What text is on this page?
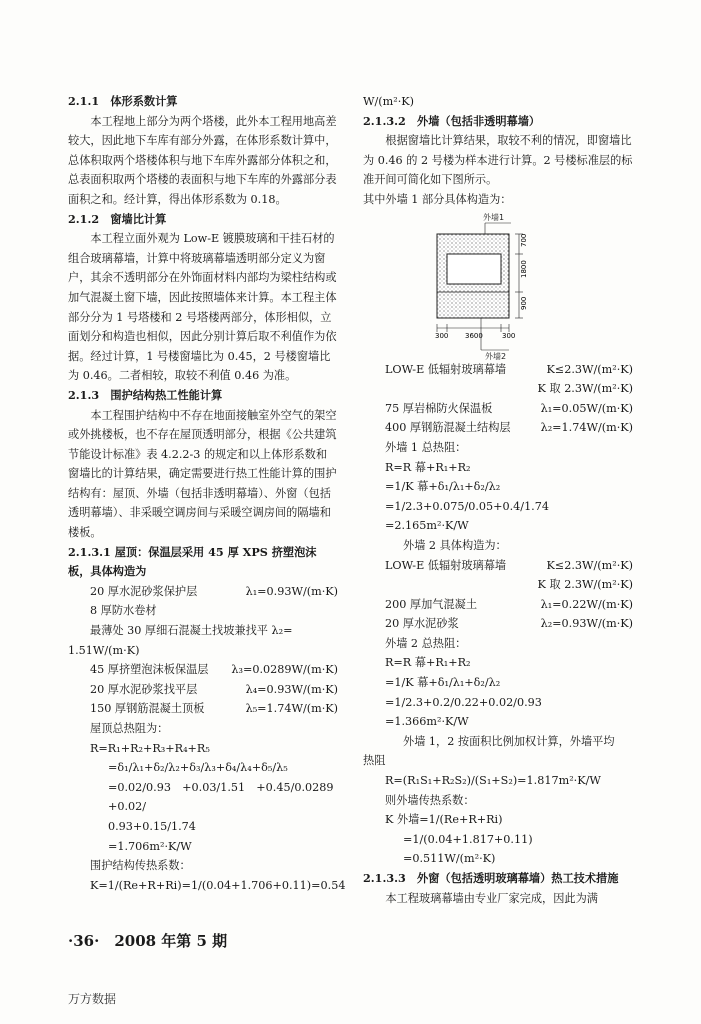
2.1.1　体形系数计算

本工程地上部分为两个塔楼，此外本工程用地高差较大，因此地下车库有部分外露，在体形系数计算中，总体积取两个塔楼体积与地下车库外露部分体积之和，总表面积取两个塔楼的表面积与地下车库的外露部分表面积之和。经计算，得出体形系数为 0.18。

2.1.2　窗墙比计算

本工程立面外观为 Low-E 镀膜玻璃和干挂石材的组合玻璃幕墙，计算中将玻璃幕墙透明部分定义为窗户，其余不透明部分在外饰面材料内部均为梁柱结构或加气混凝土窗下墙，因此按照墙体来计算。本工程主体部分分为 1 号塔楼和 2 号塔楼两部分，体形相似，立面划分和构造也相似，因此分别计算后取不利值作为依据。经过计算，1 号楼窗墙比为 0.45，2 号楼窗墙比为 0.46。二者相较，取较不利值 0.46 为准。

2.1.3　围护结构热工性能计算

本工程围护结构中不存在地面接触室外空气的架空或外挑楼板，也不存在屋顶透明部分，根据《公共建筑节能设计标准》表 4.2.2-3 的规定和以上体形系数和窗墙比的计算结果，确定需要进行热工性能计算的围护结构有：屋顶、外墙（包括非透明幕墙）、外窗（包括透明幕墙）、非采暖空调房间与采暖空调房间的隔墙和楼板。

2.1.3.1 屋顶：保温层采用 45 厚 XPS 挤塑泡沫板，具体构造为

20 厚水泥砂浆保护层	λ₁=0.93W/(m·K)
8 厚防水卷材

最薄处 30 厚细石混凝土找坡兼找平 λ₂=

1.51W/(m·K)

45 厚挤塑泡沫板保温层 λ₃=0.0289W/(m·K)
20 厚水泥砂浆找平层	λ₄=0.93W/(m·K)
150 厚钢筋混凝土顶板	λ₅=1.74W/(m·K)

屋顶总热阻为：

R=R₁+R₂+R₃+R₄+R₅

=δ₁/λ₁+δ₂/λ₂+δ₃/λ₃+δ₄/λ₄+δ₅/λ₅

=0.02/0.93　+0.03/1.51　+0.45/0.0289　+0.02/

0.93+0.15/1.74

=1.706m²·K/W

围护结构传热系数：

K=1/(Re+R+Ri)=1/(0.04+1.706+0.11)=0.54

W/(m²·K)

2.1.3.2　外墙（包括非透明幕墙）

根据窗墙比计算结果，取较不利的情况，即窗墙比为 0.46 的 2 号楼为样本进行计算。2 号楼标准层的标准开间可简化如下图所示。

其中外墙 1 部分具体构造为：

外墙1
700
1800
900
300 3600	300
外墙2
LOW-E 低辐射玻璃幕墙	K≤2.3W/(m²·K)

K 取 2.3W/(m²·K)

75 厚岩棉防火保温板	λ₁=0.05W/(m·K)
400 厚钢筋混凝土结构层	λ₂=1.74W/(m·K)

外墙 1 总热阻：

R=R 幕+R₁+R₂

=1/K 幕+δ₁/λ₁+δ₂/λ₂

=1/2.3+0.075/0.05+0.4/1.74

=2.165m²·K/W

外墙 2 具体构造为：

LOW-E 低辐射玻璃幕墙	K≤2.3W/(m²·K)

K 取 2.3W/(m²·K)

200 厚加气混凝土	λ₁=0.22W/(m·K)
20 厚水泥砂浆	λ₂=0.93W/(m·K)

外墙 2 总热阻：

R=R 幕+R₁+R₂

=1/K 幕+δ₁/λ₁+δ₂/λ₂

=1/2.3+0.2/0.22+0.02/0.93

=1.366m²·K/W

外墙 1，2 按面积比例加权计算，外墙平均

热阻

R=(R₁S₁+R₂S₂)/(S₁+S₂)=1.817m²·K/W

则外墙传热系数：

K 外墙=1/(Re+R+Ri)

=1/(0.04+1.817+0.11)

=0.511W/(m²·K)

2.1.3.3　外窗（包括透明玻璃幕墙）热工技术措施

本工程玻璃幕墙由专业厂家完成，因此为满

·36·　2008 年第 5 期
万方数据
